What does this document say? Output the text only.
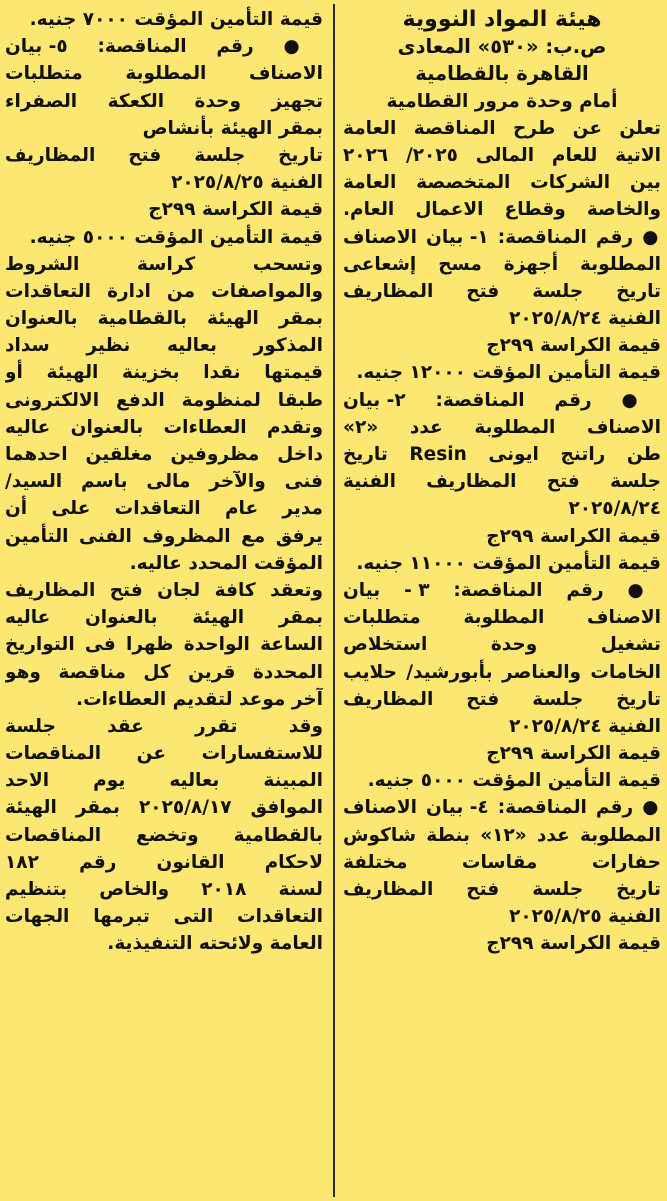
هيئة المواد النووية
ص.ب: «٥٣٠» المعادى
القاهرة بالقطامية
أمام وحدة مرور القطامية
تعلن عن طرح المناقصة العامة
الاتية للعام المالى ٢٠٢٥/ ٢٠٢٦
بين الشركات المتخصصة العامة
والخاصة وقطاع الاعمال العام.
● رقم المناقصة: ١- بيان الاصناف
المطلوبة أجهزة مسح إشعاعى
تاريخ جلسة فتح المظاريف
الفنية ٢٠٢٥/٨/٢٤
قيمة الكراسة ٢٩٩ج
قيمة التأمين المؤقت ١٢٠٠٠ جنيه.
● رقم المناقصة: ٢- بيان
الاصناف المطلوبة عدد «٢»
طن راتنج ايونى Resin تاريخ
جلسة فتح المظاريف الفنية
٢٠٢٥/٨/٢٤
قيمة الكراسة ٢٩٩ج
قيمة التأمين المؤقت ١١٠٠٠ جنيه.
● رقم المناقصة: ٣ - بيان
الاصناف المطلوبة متطلبات
تشغيل وحدة استخلاص
الخامات والعناصر بأبورشيد/ حلايب
تاريخ جلسة فتح المظاريف
الفنية ٢٠٢٥/٨/٢٤
قيمة الكراسة ٢٩٩ج
قيمة التأمين المؤقت ٥٠٠٠ جنيه.
● رقم المناقصة: ٤- بيان الاصناف
المطلوبة عدد «١٢» بنطة شاكوش
حفارات مقاسات مختلفة
تاريخ جلسة فتح المظاريف
الفنية ٢٠٢٥/٨/٢٥
قيمة الكراسة ٢٩٩ج
قيمة التأمين المؤقت ٧٠٠٠ جنيه.
● رقم المناقصة: ٥- بيان
الاصناف المطلوبة متطلبات
تجهيز وحدة الكعكة الصفراء
بمقر الهيئة بأنشاص
تاريخ جلسة فتح المظاريف
الفنية ٢٠٢٥/٨/٢٥
قيمة الكراسة ٢٩٩ج
قيمة التأمين المؤقت ٥٠٠٠ جنيه.
وتسحب كراسة الشروط
والمواصفات من ادارة التعاقدات
بمقر الهيئة بالقطامية بالعنوان
المذكور بعاليه نظير سداد
قيمتها نقدا بخزينة الهيئة أو
طبقا لمنظومة الدفع الالكترونى
وتقدم العطاءات بالعنوان عاليه
داخل مظروفين مغلقين احدهما
فنى والآخر مالى باسم السيد/
مدير عام التعاقدات على أن
يرفق مع المظروف الفنى التأمين
المؤقت المحدد عاليه.
وتعقد كافة لجان فتح المظاريف
بمقر الهيئة بالعنوان عاليه
الساعة الواحدة ظهرا فى التواريخ
المحددة قرين كل مناقصة وهو
آخر موعد لتقديم العطاءات.
وقد تقرر عقد جلسة
للاستفسارات عن المناقصات
المبينة بعاليه يوم الاحد
الموافق ٢٠٢٥/٨/١٧ بمقر الهيئة
بالقطامية وتخضع المناقصات
لاحكام القانون رقم ١٨٢
لسنة ٢٠١٨ والخاص بتنظيم
التعاقدات التى تبرمها الجهات
العامة ولائحته التنفيذية.
